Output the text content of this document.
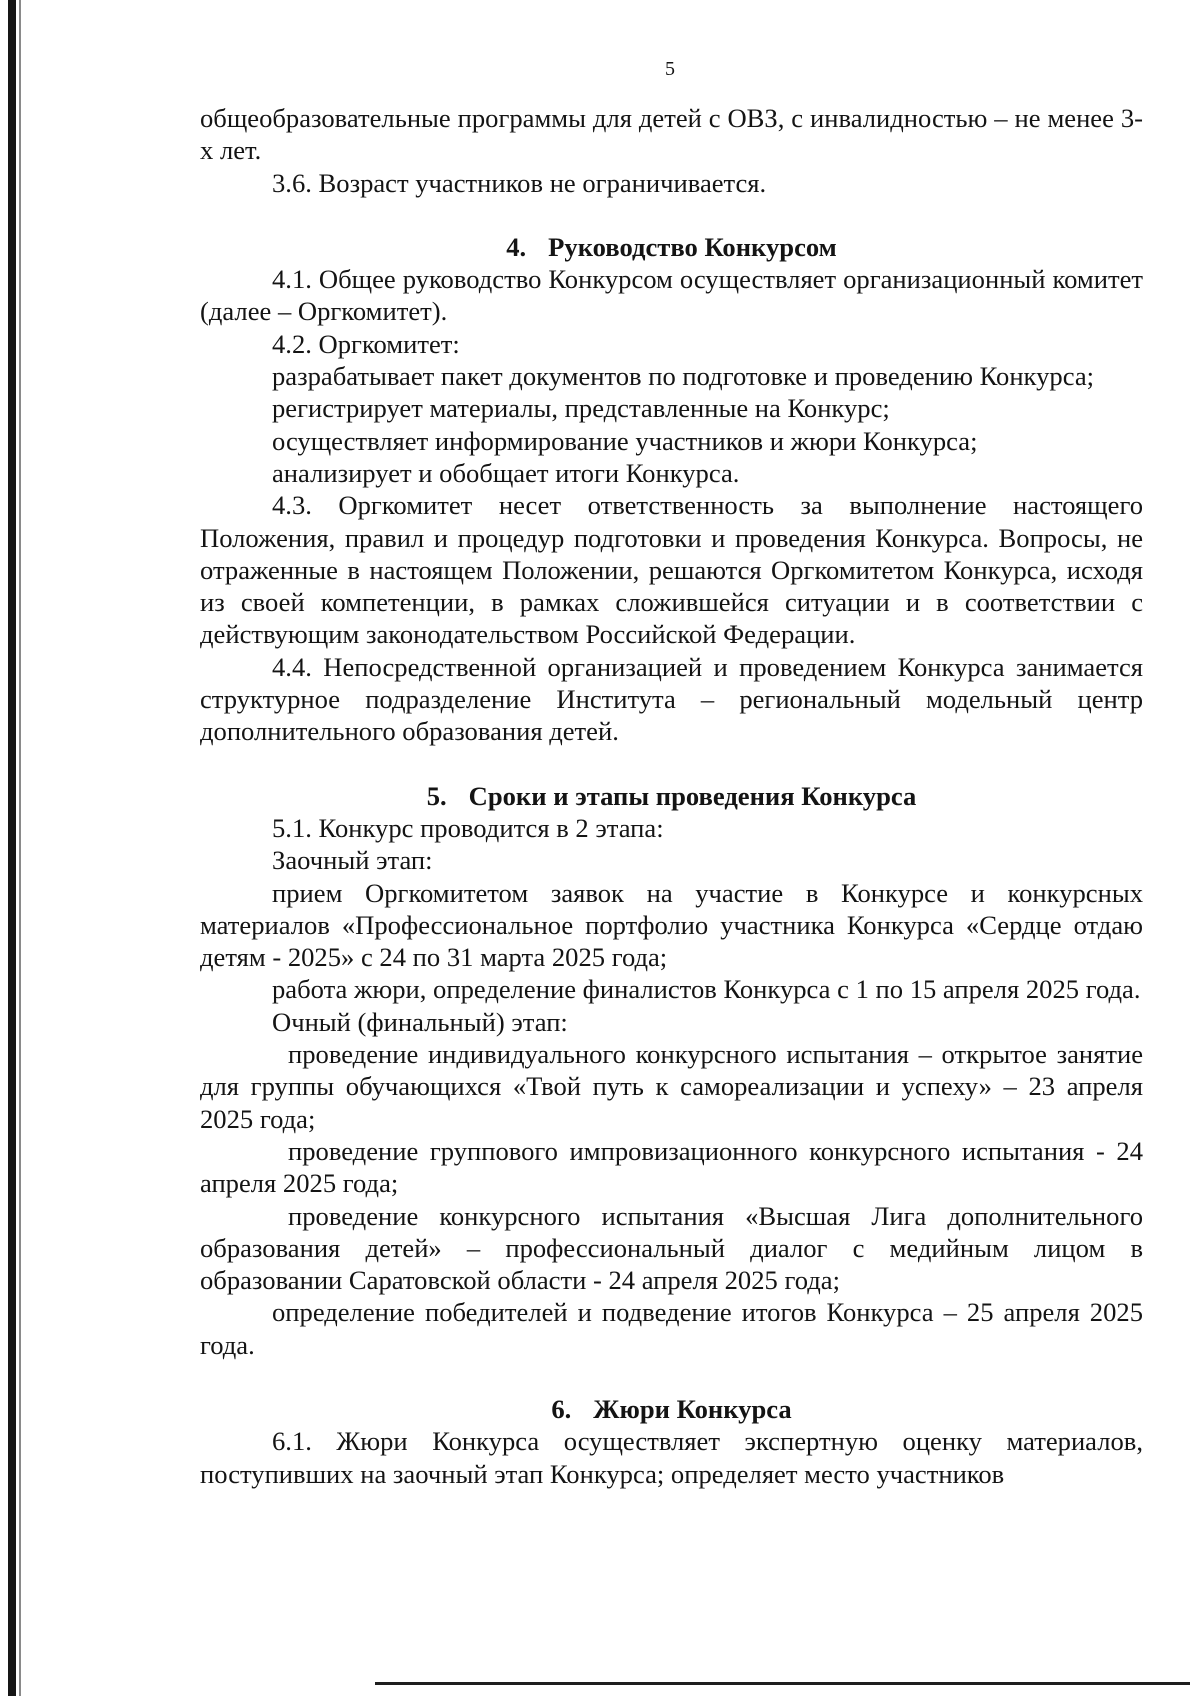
5

общеобразовательные программы для детей с ОВЗ, с инвалидностью – не менее 3-х лет.

3.6. Возраст участников не ограничивается.

4. Руководство Конкурсом

4.1. Общее руководство Конкурсом осуществляет организационный комитет (далее – Оргкомитет).

4.2. Оргкомитет:

разрабатывает пакет документов по подготовке и проведению Конкурса;

регистрирует материалы, представленные на Конкурс;

осуществляет информирование участников и жюри Конкурса;

анализирует и обобщает итоги Конкурса.

4.3. Оргкомитет несет ответственность за выполнение настоящего Положения, правил и процедур подготовки и проведения Конкурса. Вопросы, не отраженные в настоящем Положении, решаются Оргкомитетом Конкурса, исходя из своей компетенции, в рамках сложившейся ситуации и в соответствии с действующим законодательством Российской Федерации.

4.4. Непосредственной организацией и проведением Конкурса занимается структурное подразделение Института – региональный модельный центр дополнительного образования детей.

5. Сроки и этапы проведения Конкурса

5.1. Конкурс проводится в 2 этапа:

Заочный этап:

прием Оргкомитетом заявок на участие в Конкурсе и конкурсных материалов «Профессиональное портфолио участника Конкурса «Сердце отдаю детям - 2025» с 24 по 31 марта 2025 года;

работа жюри, определение финалистов Конкурса с 1 по 15 апреля 2025 года.

Очный (финальный) этап:

проведение индивидуального конкурсного испытания – открытое занятие для группы обучающихся «Твой путь к самореализации и успеху» – 23 апреля 2025 года;

проведение группового импровизационного конкурсного испытания - 24 апреля 2025 года;

проведение конкурсного испытания «Высшая Лига дополнительного образования детей» – профессиональный диалог с медийным лицом в образовании Саратовской области - 24 апреля 2025 года;

определение победителей и подведение итогов Конкурса – 25 апреля 2025 года.

6. Жюри Конкурса

6.1. Жюри Конкурса осуществляет экспертную оценку материалов, поступивших на заочный этап Конкурса; определяет место участников
